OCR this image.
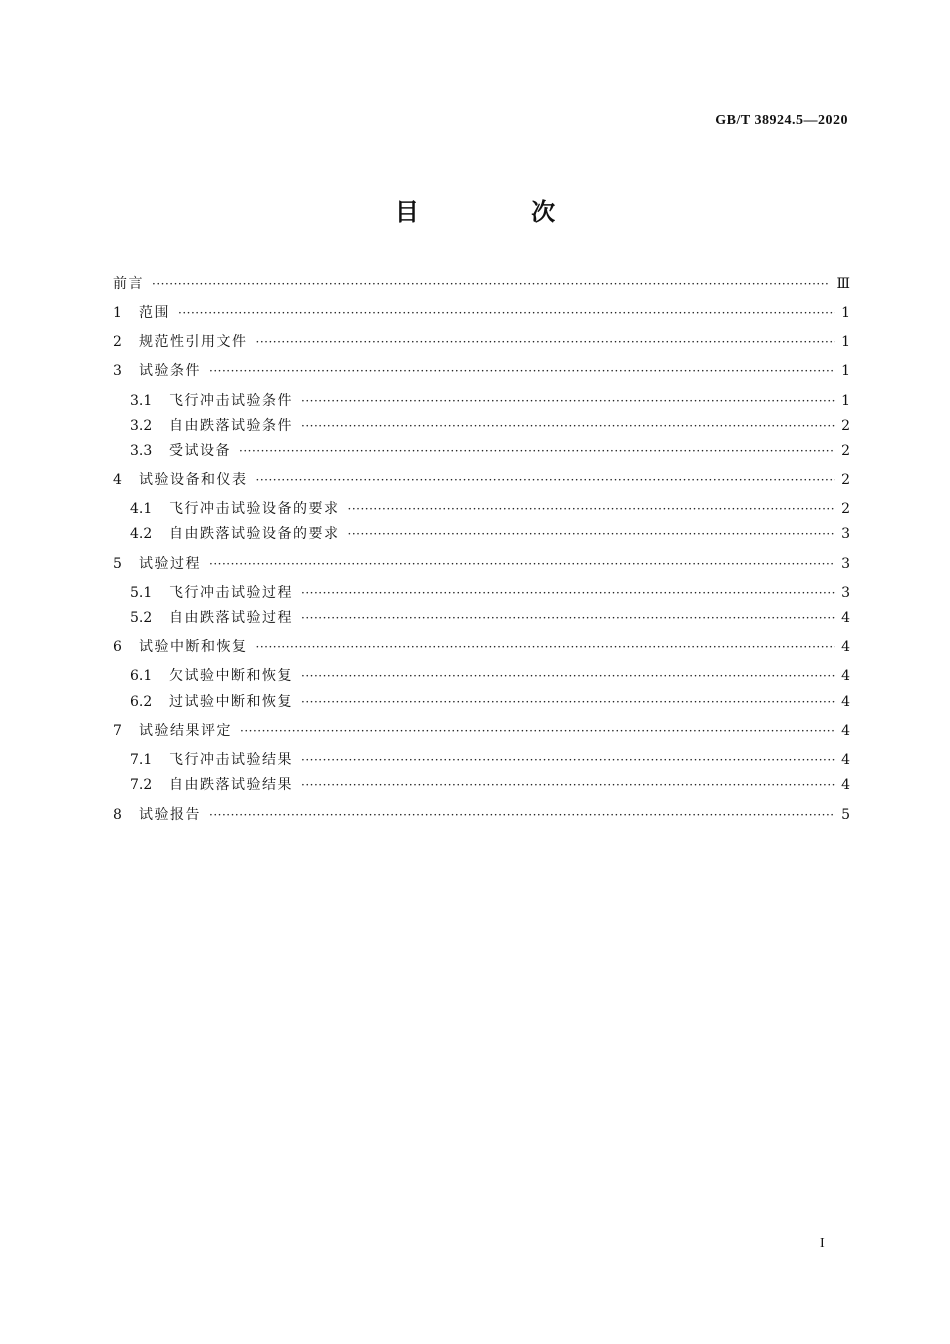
GB/T 38924.5—2020
目 次
前言 ·····	Ⅲ
1	范围 ·····	1
2	规范性引用文件 ·····	1
3	试验条件 ·····	1
3.1	飞行冲击试验条件 ·····	1
3.2	自由跌落试验条件 ·····	2
3.3	受试设备 ·····	2
4	试验设备和仪表 ·····	2
4.1	飞行冲击试验设备的要求 ·····	2
4.2	自由跌落试验设备的要求 ·····	3
5	试验过程 ·····	3
5.1	飞行冲击试验过程 ·····	3
5.2	自由跌落试验过程 ·····	4
6	试验中断和恢复 ·····	4
6.1	欠试验中断和恢复 ·····	4
6.2	过试验中断和恢复 ·····	4
7	试验结果评定 ·····	4
7.1	飞行冲击试验结果 ·····	4
7.2	自由跌落试验结果 ·····	4
8	试验报告 ·····	5
I
